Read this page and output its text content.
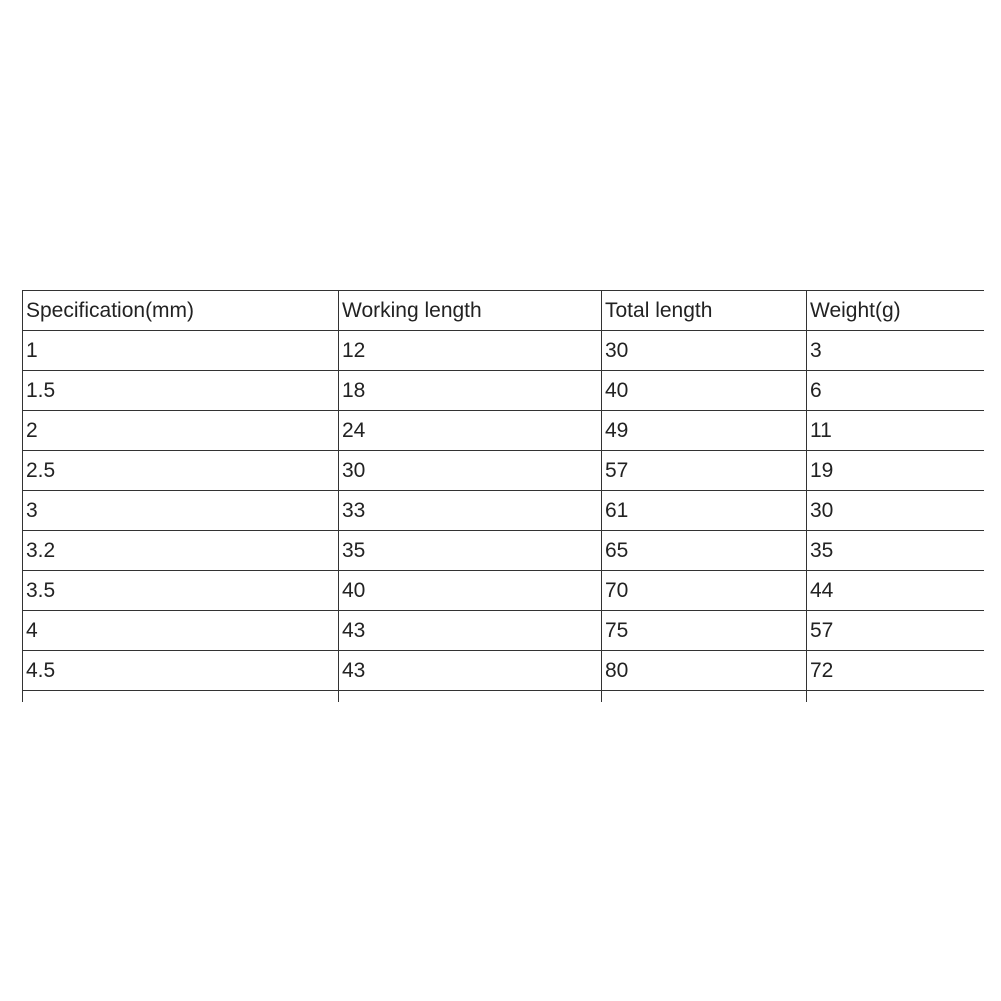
Specification(mm)	Working length	Total length	Weight(g)
1	12	30	3
1.5	18	40	6
2	24	49	11
2.5	30	57	19
3	33	61	30
3.2	35	65	35
3.5	40	70	44
4	43	75	57
4.5	43	80	72
